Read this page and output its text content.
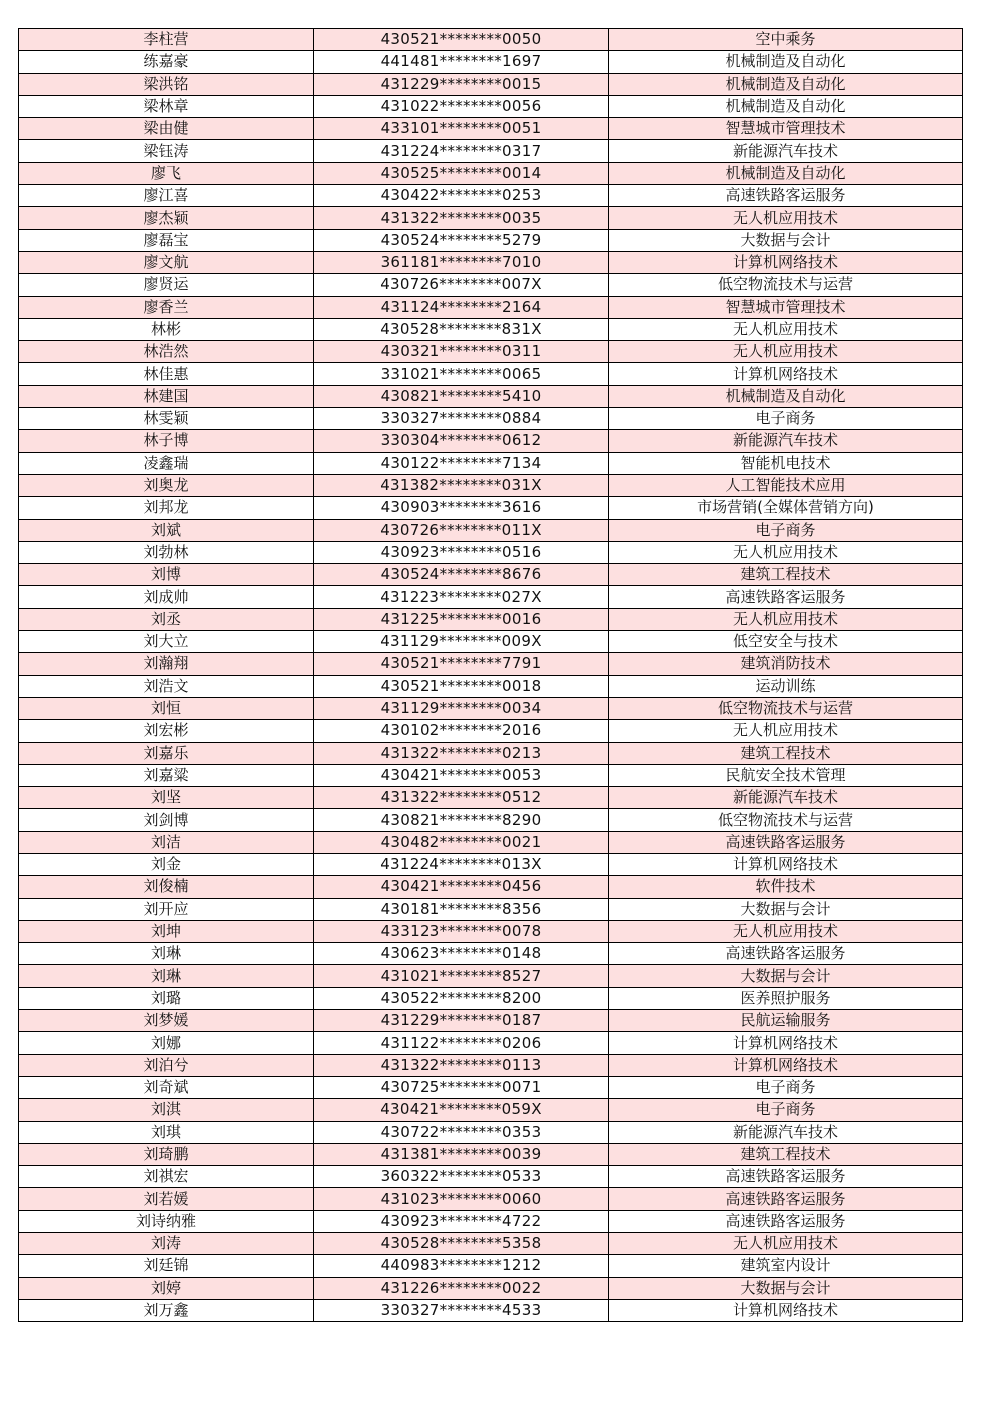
李柱营	430521********0050	空中乘务
练嘉豪	441481********1697	机械制造及自动化
梁洪铭	431229********0015	机械制造及自动化
梁林章	431022********0056	机械制造及自动化
梁由健	433101********0051	智慧城市管理技术
梁钰涛	431224********0317	新能源汽车技术
廖飞	430525********0014	机械制造及自动化
廖江喜	430422********0253	高速铁路客运服务
廖杰颖	431322********0035	无人机应用技术
廖磊宝	430524********5279	大数据与会计
廖文航	361181********7010	计算机网络技术
廖贤运	430726********007X	低空物流技术与运营
廖香兰	431124********2164	智慧城市管理技术
林彬	430528********831X	无人机应用技术
林浩然	430321********0311	无人机应用技术
林佳惠	331021********0065	计算机网络技术
林建国	430821********5410	机械制造及自动化
林雯颖	330327********0884	电子商务
林子博	330304********0612	新能源汽车技术
凌鑫瑞	430122********7134	智能机电技术
刘奥龙	431382********031X	人工智能技术应用
刘邦龙	430903********3616	市场营销(全媒体营销方向)
刘斌	430726********011X	电子商务
刘勃林	430923********0516	无人机应用技术
刘博	430524********8676	建筑工程技术
刘成帅	431223********027X	高速铁路客运服务
刘丞	431225********0016	无人机应用技术
刘大立	431129********009X	低空安全与技术
刘瀚翔	430521********7791	建筑消防技术
刘浩文	430521********0018	运动训练
刘恒	431129********0034	低空物流技术与运营
刘宏彬	430102********2016	无人机应用技术
刘嘉乐	431322********0213	建筑工程技术
刘嘉粱	430421********0053	民航安全技术管理
刘坚	431322********0512	新能源汽车技术
刘剑博	430821********8290	低空物流技术与运营
刘洁	430482********0021	高速铁路客运服务
刘金	431224********013X	计算机网络技术
刘俊楠	430421********0456	软件技术
刘开应	430181********8356	大数据与会计
刘坤	433123********0078	无人机应用技术
刘琳	430623********0148	高速铁路客运服务
刘琳	431021********8527	大数据与会计
刘璐	430522********8200	医养照护服务
刘梦媛	431229********0187	民航运输服务
刘娜	431122********0206	计算机网络技术
刘泊兮	431322********0113	计算机网络技术
刘奇斌	430725********0071	电子商务
刘淇	430421********059X	电子商务
刘琪	430722********0353	新能源汽车技术
刘琦鹏	431381********0039	建筑工程技术
刘祺宏	360322********0533	高速铁路客运服务
刘若媛	431023********0060	高速铁路客运服务
刘诗纳雅	430923********4722	高速铁路客运服务
刘涛	430528********5358	无人机应用技术
刘廷锦	440983********1212	建筑室内设计
刘婷	431226********0022	大数据与会计
刘万鑫	330327********4533	计算机网络技术
